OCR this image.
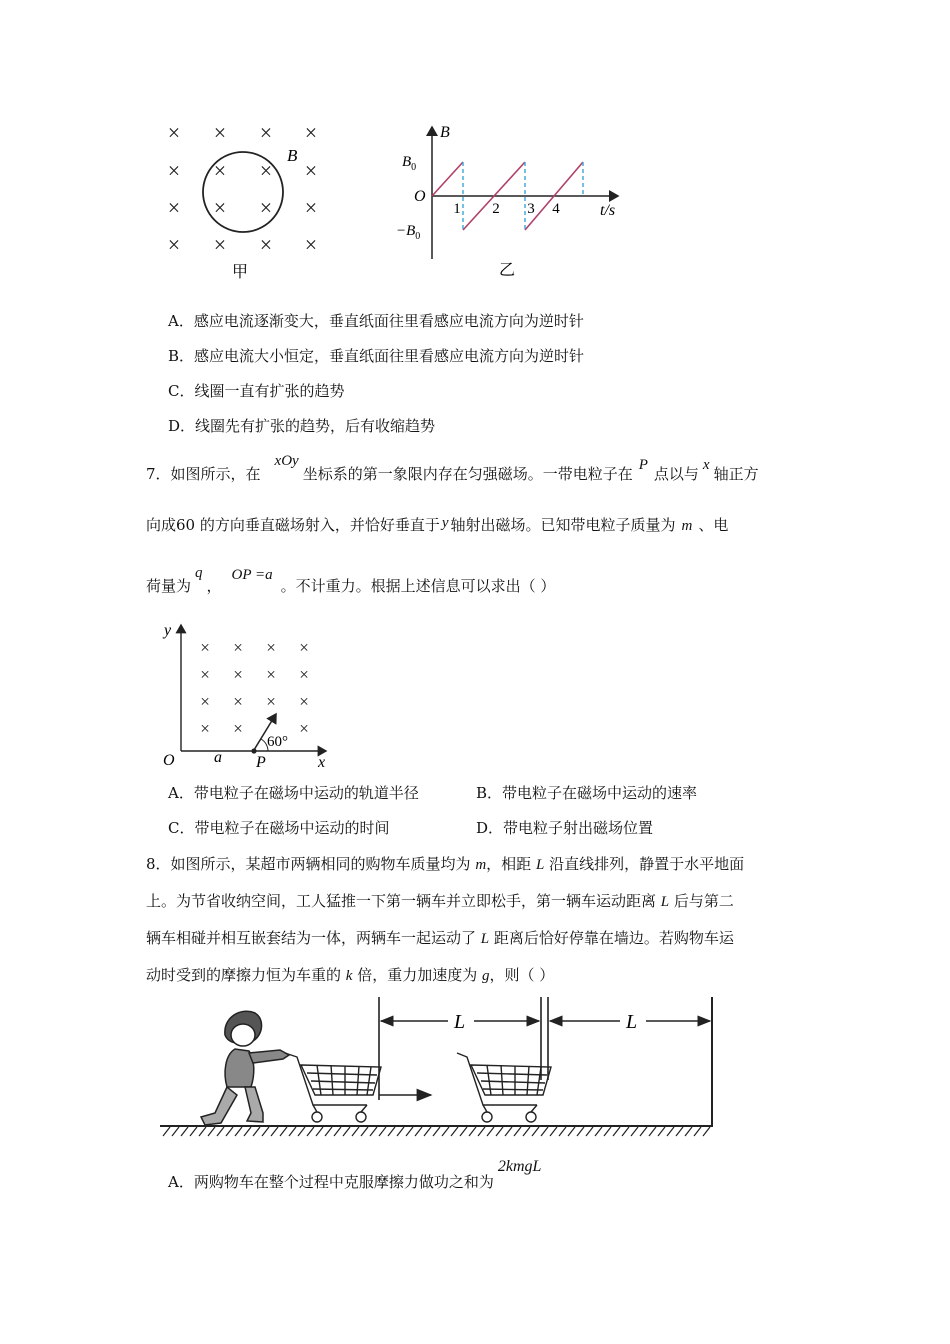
× × × ×
× × × ×
× × × ×
× × × ×
B
甲
B
$B_0$
$-B_0$
O
1 2 3 4	t/s
乙
A．感应电流逐渐变大，垂直纸面往里看感应电流方向为逆时针
B．感应电流大小恒定，垂直纸面往里看感应电流方向为逆时针
C．线圈一直有扩张的趋势
D．线圈先有扩张的趋势，后有收缩趋势
7．如图所示，在xOy坐标系的第一象限内存在匀强磁场。一带电粒子在 P 点以与 x 轴正方
向成60 的方向垂直磁场射入，并恰好垂直于 y 轴射出磁场。已知带电粒子质量为 m 、电
荷量为q，OP =a。不计重力。根据上述信息可以求出（ ）
y
x
O
× × × ×
× × × ×
× × × ×
× ×	×
60°
a P
A．带电粒子在磁场中运动的轨道半径	B．带电粒子在磁场中运动的速率
C．带电粒子在磁场中运动的时间	D．带电粒子射出磁场位置
8．如图所示，某超市两辆相同的购物车质量均为 m，相距 L 沿直线排列，静置于水平地面
上。为节省收纳空间，工人猛推一下第一辆车并立即松手，第一辆车运动距离 L 后与第二
辆车相碰并相互嵌套结为一体，两辆车一起运动了 L 距离后恰好停靠在墙边。若购物车运
动时受到的摩擦力恒为车重的 k 倍，重力加速度为 g，则（ ）
L	L
A．两购物车在整个过程中克服摩擦力做功之和为2kmgL
